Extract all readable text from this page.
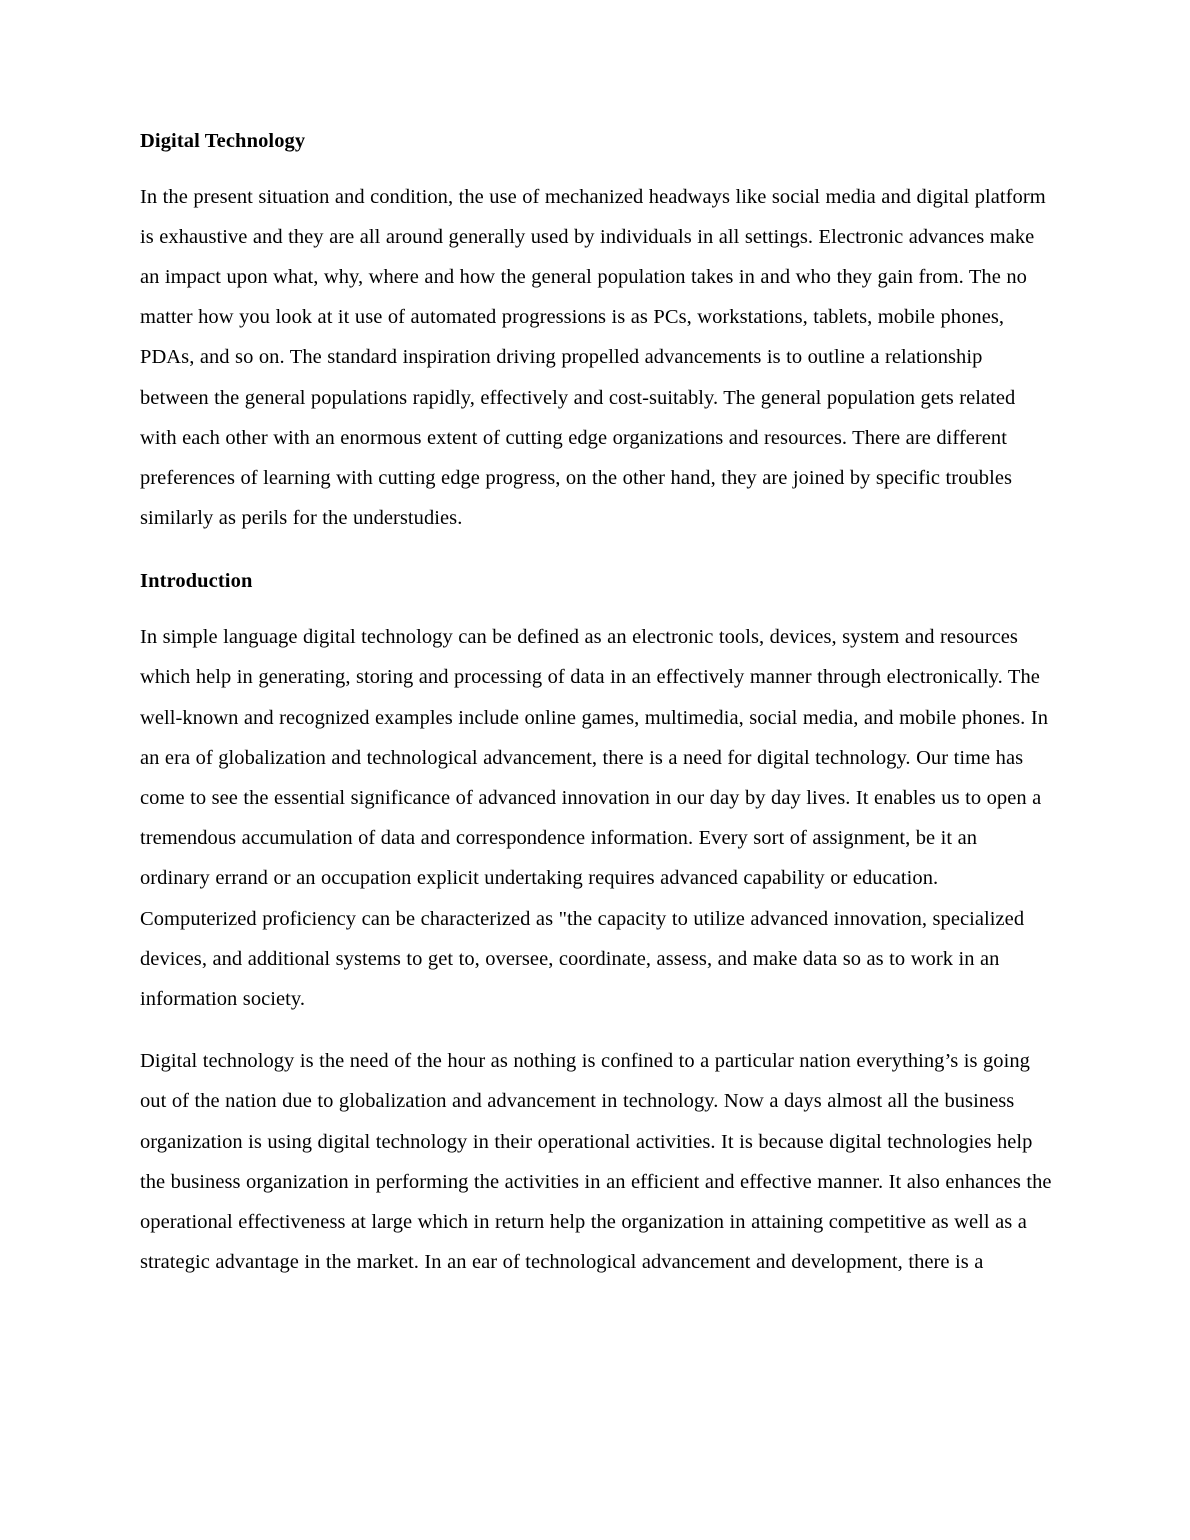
Digital Technology

In the present situation and condition, the use of mechanized headways like social media and digital platform is exhaustive and they are all around generally used by individuals in all settings. Electronic advances make an impact upon what, why, where and how the general population takes in and who they gain from. The no matter how you look at it use of automated progressions is as PCs, workstations, tablets, mobile phones, PDAs, and so on. The standard inspiration driving propelled advancements is to outline a relationship between the general populations rapidly, effectively and cost-suitably. The general population gets related with each other with an enormous extent of cutting edge organizations and resources. There are different preferences of learning with cutting edge progress, on the other hand, they are joined by specific troubles similarly as perils for the understudies.

Introduction

In simple language digital technology can be defined as an electronic tools, devices, system and resources which help in generating, storing and processing of data in an effectively manner through electronically. The well-known and recognized examples include online games, multimedia, social media, and mobile phones. In an era of globalization and technological advancement, there is a need for digital technology. Our time has come to see the essential significance of advanced innovation in our day by day lives. It enables us to open a tremendous accumulation of data and correspondence information. Every sort of assignment, be it an ordinary errand or an occupation explicit undertaking requires advanced capability or education. Computerized proficiency can be characterized as "the capacity to utilize advanced innovation, specialized devices, and additional systems to get to, oversee, coordinate, assess, and make data so as to work in an information society.

Digital technology is the need of the hour as nothing is confined to a particular nation everything’s is going out of the nation due to globalization and advancement in technology. Now a days almost all the business organization is using digital technology in their operational activities. It is because digital technologies help the business organization in performing the activities in an efficient and effective manner. It also enhances the operational effectiveness at large which in return help the organization in attaining competitive as well as a strategic advantage in the market. In an ear of technological advancement and development, there is a
